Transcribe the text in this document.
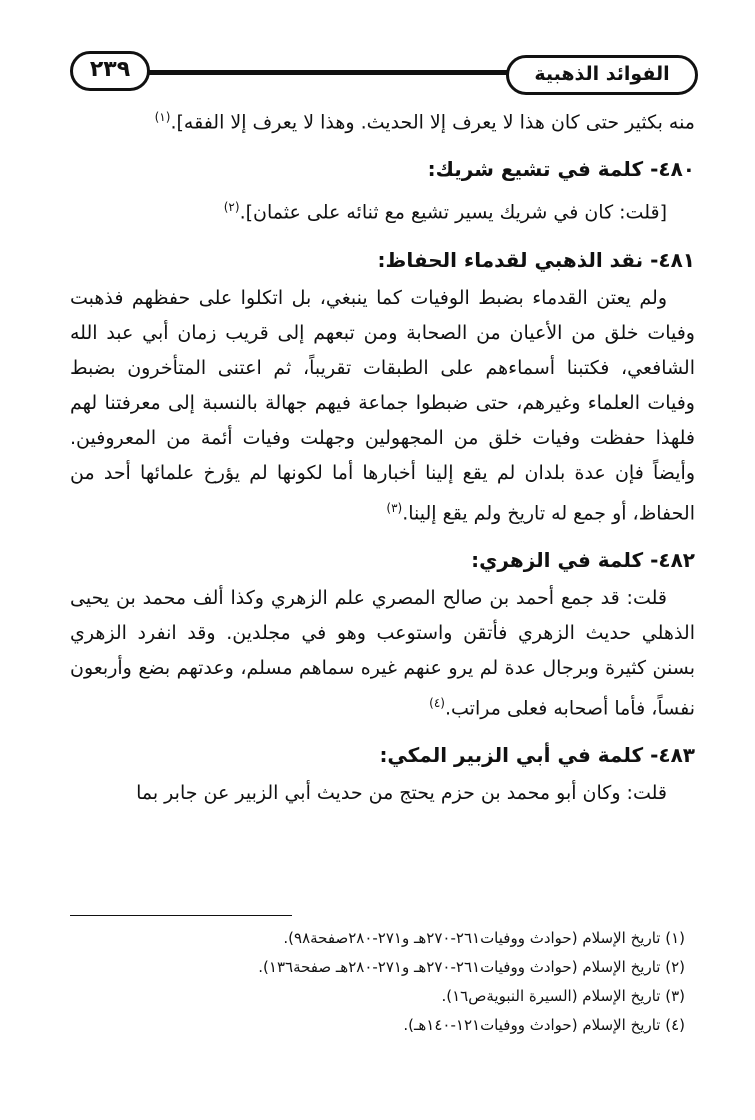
الفوائد الذهبية
٢٣٩

منه بكثير حتى كان هذا لا يعرف إلا الحديث. وهذا لا يعرف إلا الفقه].$^{(١)}$

٤٨٠- كلمة في تشيع شريك:

[قلت: كان في شريك يسير تشيع مع ثنائه على عثمان].$^{(٢)}$

٤٨١- نقد الذهبي لقدماء الحفاظ:

ولم يعتن القدماء بضبط الوفيات كما ينبغي، بل اتكلوا على حفظهم فذهبت وفيات خلق من الأعيان من الصحابة ومن تبعهم إلى قريب زمان أبي عبد الله الشافعي، فكتبنا أسماءهم على الطبقات تقريباً، ثم اعتنى المتأخرون بضبط وفيات العلماء وغيرهم، حتى ضبطوا جماعة فيهم جهالة بالنسبة إلى معرفتنا لهم فلهذا حفظت وفيات خلق من المجهولين وجهلت وفيات أئمة من المعروفين. وأيضاً فإن عدة بلدان لم يقع إلينا أخبارها أما لكونها لم يؤرخ علمائها أحد من الحفاظ، أو جمع له تاريخ ولم يقع إلينا.$^{(٣)}$

٤٨٢- كلمة في الزهري:

قلت: قد جمع أحمد بن صالح المصري علم الزهري وكذا ألف محمد بن يحيى الذهلي حديث الزهري فأتقن واستوعب وهو في مجلدين. وقد انفرد الزهري بسنن كثيرة وبرجال عدة لم يرو عنهم غيره سماهم مسلم، وعدتهم بضع وأربعون نفساً، فأما أصحابه فعلى مراتب.$^{(٤)}$

٤٨٣- كلمة في أبي الزبير المكي:

قلت: وكان أبو محمد بن حزم يحتج من حديث أبي الزبير عن جابر بما

(١) تاريخ الإسلام (حوادث ووفيات٢٦١-٢٧٠هـ و٢٧١-٢٨٠صفحة٩٨).

(٢) تاريخ الإسلام (حوادث ووفيات٢٦١-٢٧٠هـ و٢٧١-٢٨٠هـ صفحة١٣٦).

(٣) تاريخ الإسلام (السيرة النبويةص١٦).

(٤) تاريخ الإسلام (حوادث ووفيات١٢١-١٤٠هـ).
